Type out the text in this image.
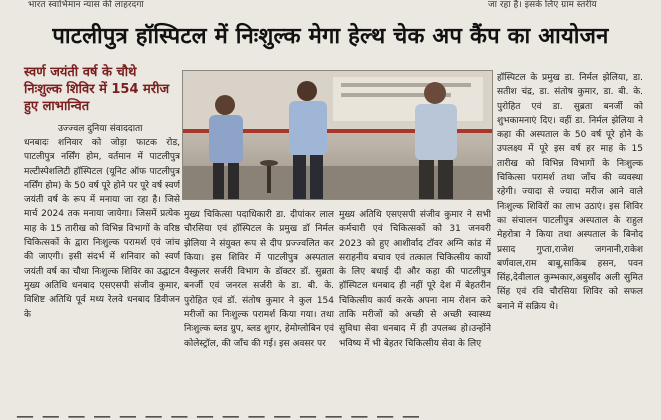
भारत स्वाभिमान न्यास की लाहरदगा	जा रहा है। इसके लिए ग्राम स्तरीय
पाटलीपुत्र हॉस्पिटल में निःशुल्क मेगा हेल्थ चेक अप कैंप का आयोजन
स्वर्ण जयंती वर्ष के चौथे निःशुल्क शिविर में 154 मरीज हुए लाभान्वित
उज्ज्वल दुनिया संवाददाता

धनबादः शनिवार को जोड़ा फाटक रोड, पाटलीपुत्र नर्सिंग होम, वर्तमान में पाटलीपुत्र मल्टीस्पेशलिटी हॉस्पिटल (यूनिट ऑफ पाटलीपुत्र नर्सिंग होम) के 50 वर्ष पूरे होने पर पूरे वर्ष स्वर्ण जयंती वर्ष के रूप में मनाया जा रहा है। जिसे मार्च 2024 तक मनाया जायेगा। जिसमें प्रत्येक माह के 15 तारीख को विभिन्न विभागों के वरिष्ठ चिकित्सकों के द्वारा निःशुल्क परामर्श एवं जांच की जाएगी। इसी संदर्भ में शनिवार को स्वर्ण जयंती वर्ष का चौथा निःशुल्क शिविर का उद्घाटन मुख्य अतिथि धनबाद एसएसपी संजीव कुमार, विशिष्ट अतिथि पूर्व मध्य रेलवे धनबाद डिवीजन के

मुख्य चिकित्सा पदाधिकारी डा. दीपांकर लाल चौरसिया एवं हॉस्पिटल के प्रमुख डॉ निर्मल झेलिया ने संयुक्त रूप से दीप प्रज्ज्वलित कर किया। इस शिविर में पाटलीपुत्र अस्पताल वैस्कुलर सर्जरी विभाग के डॉक्टर डॉ. सुब्रता बनर्जी एवं जनरल सर्जरी के डा. बी. के. पुरोहित एवं डॉ. संतोष कुमार ने कुल 154 मरीजों का निःशुल्क परामर्श किया गया। तथा निःशुल्क ब्लड ग्रुप, ब्लड शुगर, हेमोग्लोबिन एवं कोलेस्ट्रॉल, की जाँच की गई। इस अवसर पर

मुख्य अतिथि एसएसपी संजीव कुमार ने सभी कर्मचारी एवं चिकित्सकों को 31 जनवरी 2023 को हुए आशीर्वाद टॉवर अग्नि कांड में सराहनीय बचाव एवं तत्काल चिकित्सीय कार्यों के लिए बधाई दी और कहा की पाटलीपुत्र हॉस्पिटल धनबाद ही नहीं पूरे देश में बेहतरीन चिकित्सीय कार्य करके अपना नाम रोशन करे ताकि मरीजों को अच्छी से अच्छी स्वास्थ्य सुविधा सेवा धनबाद में ही उपलब्ध हो।उन्होंने भविष्य में भी बेहतर चिकित्सीय सेवा के लिए

हॉस्पिटल के प्रमुख डा. निर्मल झेलिया, डा. सतीश चंद्र, डा. संतोष कुमार, डा. बी. के. पुरोहित एवं डा. सुब्रता बनर्जी को शुभकामनाएं दिए। वहीं डा. निर्मल झेलिया ने कहा की अस्पताल के 50 वर्ष पूरे होने के उपलक्ष्य में पूरे इस वर्ष हर माह के 15 तारीख को विभिन्न विभागों के निःशुल्क चिकित्सा परामर्श तथा जाँच की व्यवस्था रहेगी। ज्यादा से ज्यादा मरीज आने वाले निःशुल्क शिविरों का लाभ उठाएं। इस शिविर का संचालन पाटलीपुत्र अस्पताल के राहुल मेहरोत्रा ने किया तथा अस्पताल के बिनोद प्रसाद गुप्ता,राजेश जगनानी,राकेश बर्णवाल,राम बाबू,साकिब हसन, पवन सिंह,देवीलाल कुम्भकार,अबुसाँद अली सुमित सिंह एवं रवि चौरसिया शिविर को सफल बनाने में सक्रिय थे।

— — — — — — — — — — — — — — — —
